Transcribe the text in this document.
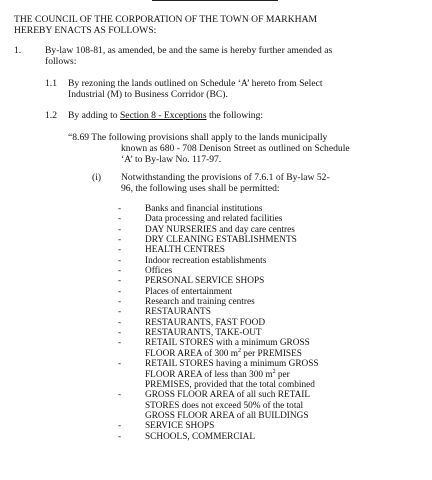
THE COUNCIL OF THE CORPORATION OF THE TOWN OF MARKHAM
HEREBY ENACTS AS FOLLOWS:
1. By-law 108-81, as amended, be and the same is hereby further amended as
follows:
1.1 By rezoning the lands outlined on Schedule ‘A’ hereto from Select
Industrial (M) to Business Corridor (BC).
1.2 By adding to Section 8 - Exceptions the following:
“8.69 The following provisions shall apply to the lands municipally
known as 680 - 708 Denison Street as outlined on Schedule
‘A’ to By-law No. 117-97.
(i) Notwithstanding the provisions of 7.6.1 of By-law 52-
96, the following uses shall be permitted:
-	Banks and financial institutions
-	Data processing and related facilities
-	DAY NURSERIES and day care centres
-	DRY CLEANING ESTABLISHMENTS
-	HEALTH CENTRES
-	Indoor recreation establishments
-	Offices
-	PERSONAL SERVICE SHOPS
-	Places of entertainment
-	Research and training centres
-	RESTAURANTS
-	RESTAURANTS, FAST FOOD
-	RESTAURANTS, TAKE-OUT
-	RETAIL STORES with a minimum GROSS
FLOOR AREA of 300 $m^2$ per PREMISES
-	RETAIL STORES having a minimum GROSS
FLOOR AREA of less than 300 $m^2$ per
PREMISES, provided that the total combined
-	GROSS FLOOR AREA of all such RETAIL
STORES does not exceed 50% of the total
GROSS FLOOR AREA of all BUILDINGS
-	SERVICE SHOPS
-	SCHOOLS, COMMERCIAL
